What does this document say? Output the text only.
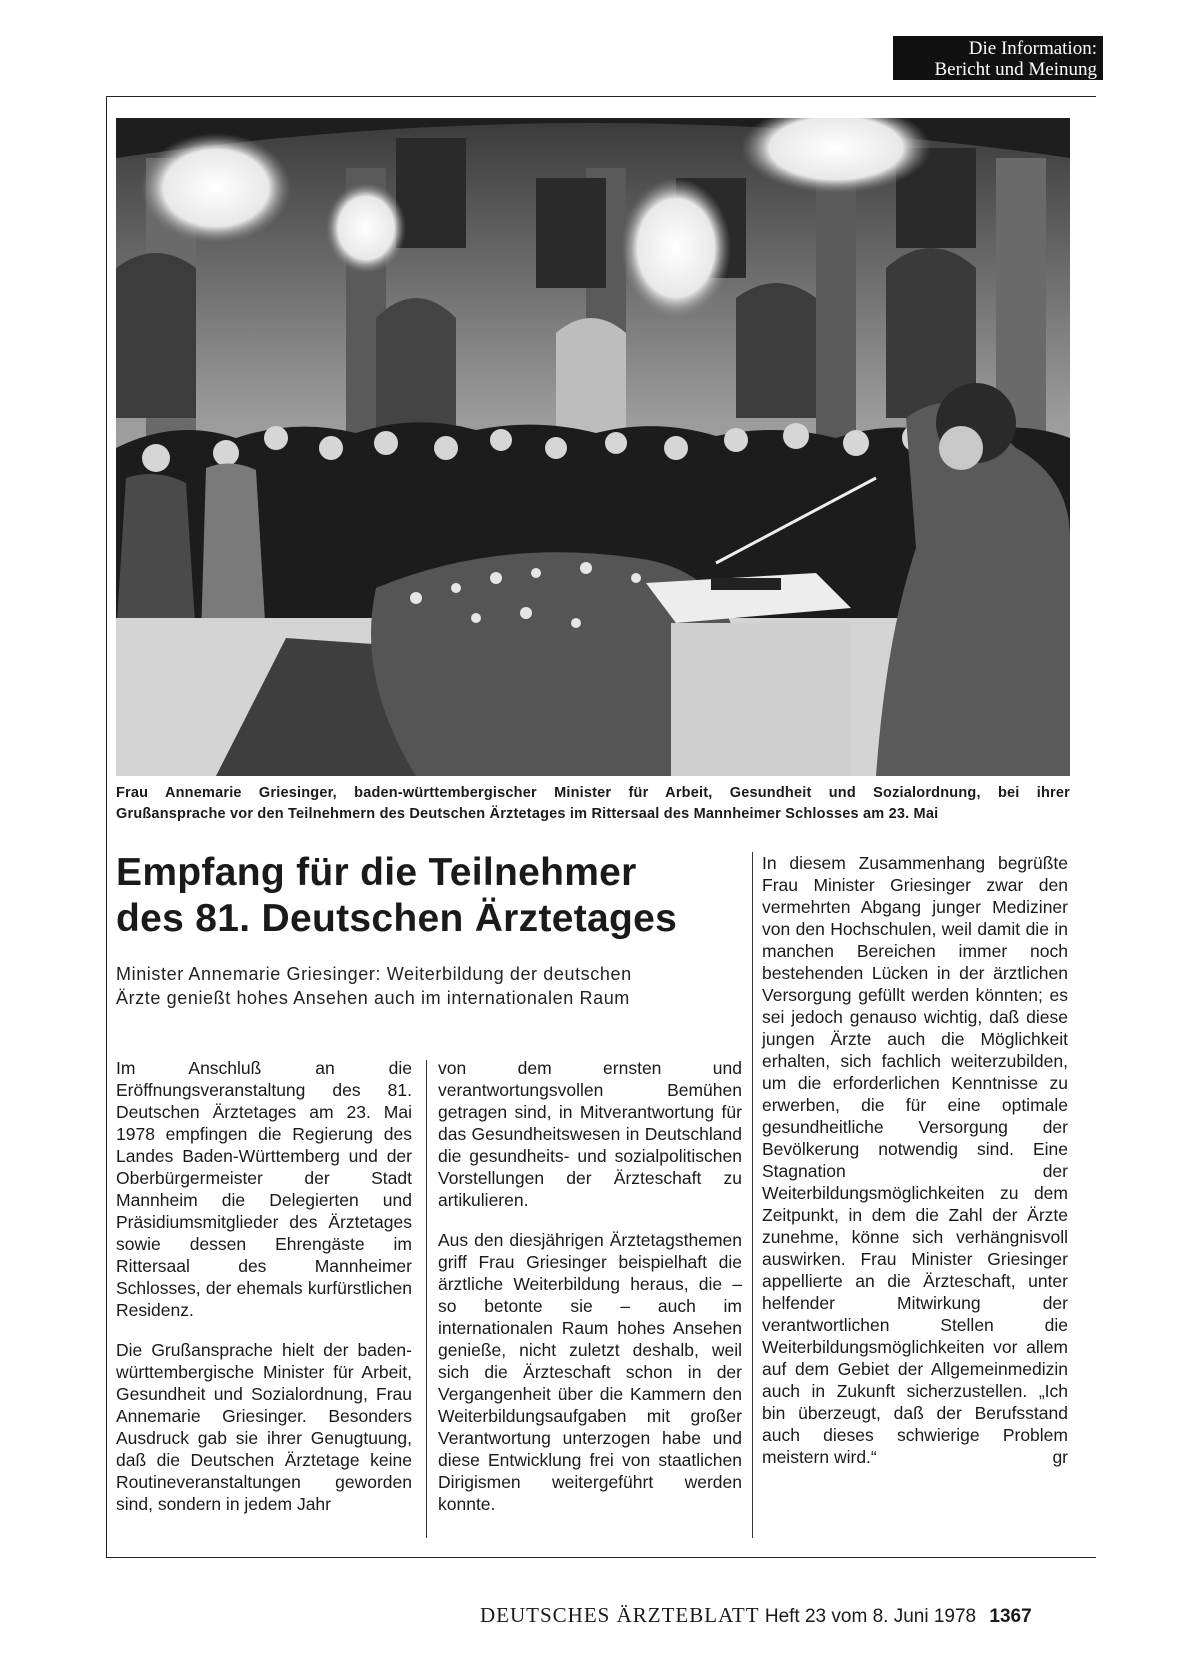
Die Information:
Bericht und Meinung
Frau Annemarie Griesinger, baden-württembergischer Minister für Arbeit, Gesundheit und Sozialordnung, bei ihrer
Grußansprache vor den Teilnehmern des Deutschen Ärztetages im Rittersaal des Mannheimer Schlosses am 23. Mai
Empfang für die Teilnehmer
des 81. Deutschen Ärztetages
Minister Annemarie Griesinger: Weiterbildung der deutschen
Ärzte genießt hohes Ansehen auch im internationalen Raum

Im Anschluß an die Eröffnungsveranstaltung des 81. Deutschen Ärztetages am 23. Mai 1978 empfingen die Regierung des Landes Baden-Württemberg und der Oberbürgermeister der Stadt Mannheim die Delegierten und Präsidiumsmitglieder des Ärztetages sowie dessen Ehrengäste im Rittersaal des Mannheimer Schlosses, der ehemals kurfürstlichen Residenz.

Die Grußansprache hielt der baden-württembergische Minister für Arbeit, Gesundheit und Sozialordnung, Frau Annemarie Griesinger. Besonders Ausdruck gab sie ihrer Genugtuung, daß die Deutschen Ärztetage keine Routineveranstaltungen geworden sind, sondern in jedem Jahr

von dem ernsten und verantwortungsvollen Bemühen getragen sind, in Mitverantwortung für das Gesundheitswesen in Deutschland die gesundheits- und sozialpolitischen Vorstellungen der Ärzteschaft zu artikulieren.

Aus den diesjährigen Ärztetagsthemen griff Frau Griesinger beispielhaft die ärztliche Weiterbildung heraus, die – so betonte sie – auch im internationalen Raum hohes Ansehen genieße, nicht zuletzt deshalb, weil sich die Ärzteschaft schon in der Vergangenheit über die Kammern den Weiterbildungsaufgaben mit großer Verantwortung unterzogen habe und diese Entwicklung frei von staatlichen Dirigismen weitergeführt werden konnte.

In diesem Zusammenhang begrüßte Frau Minister Griesinger zwar den vermehrten Abgang junger Mediziner von den Hochschulen, weil damit die in manchen Bereichen immer noch bestehenden Lücken in der ärztlichen Versorgung gefüllt werden könnten; es sei jedoch genauso wichtig, daß diese jungen Ärzte auch die Möglichkeit erhalten, sich fachlich weiterzubilden, um die erforderlichen Kenntnisse zu erwerben, die für eine optimale gesundheitliche Versorgung der Bevölkerung notwendig sind. Eine Stagnation der Weiterbildungsmöglichkeiten zu dem Zeitpunkt, in dem die Zahl der Ärzte zunehme, könne sich verhängnisvoll auswirken. Frau Minister Griesinger appellierte an die Ärzteschaft, unter helfender Mitwirkung der verantwortlichen Stellen die Weiterbildungsmöglichkeiten vor allem auf dem Gebiet der Allgemeinmedizin auch in Zukunft sicherzustellen. „Ich bin überzeugt, daß der Berufsstand auch dieses schwierige Problem meistern wird.“	gr

DEUTSCHES ÄRZTEBLATT Heft 23 vom 8. Juni 1978 1367
